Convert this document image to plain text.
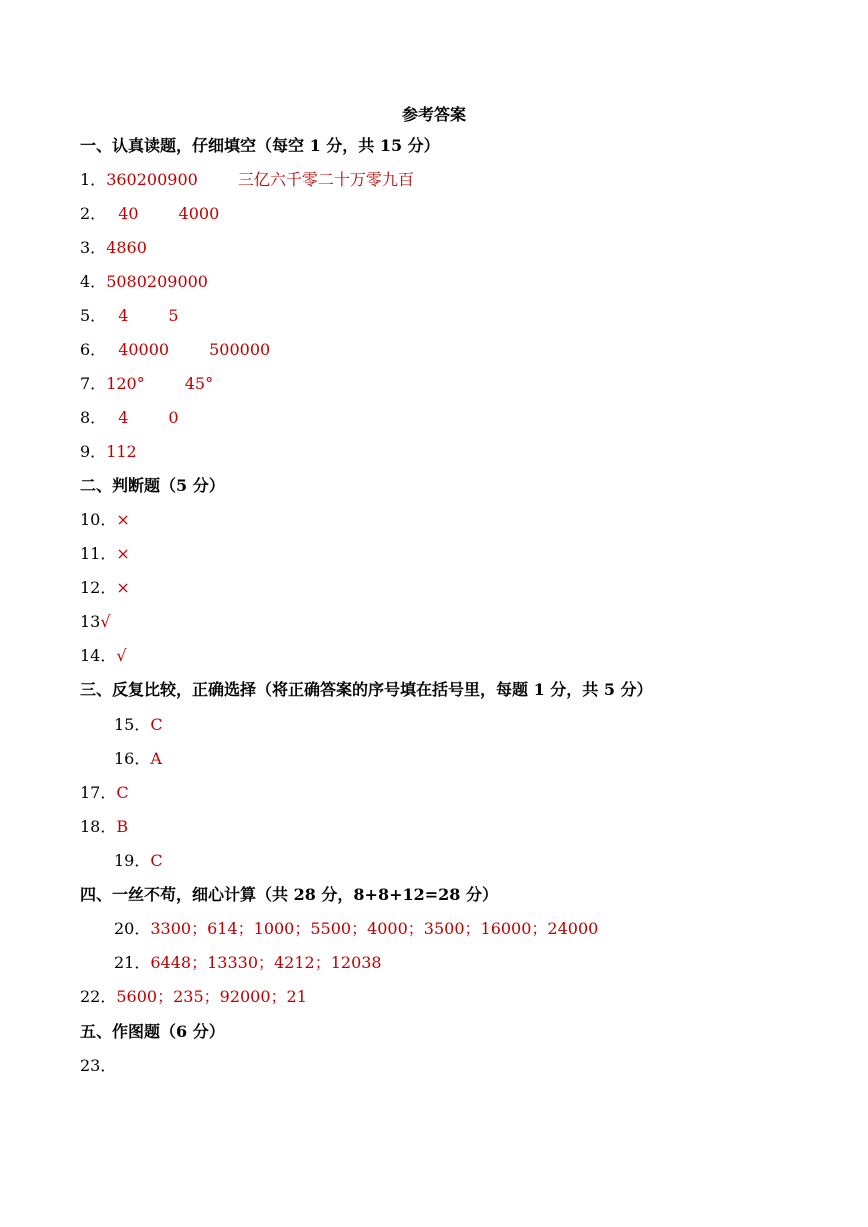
参考答案
一、认真读题，仔细填空（每空 1 分，共 15 分）
1．360200900	三亿六千零二十万零九百
2． 40	4000
3．4860
4．5080209000
5． 4	5
6． 40000	500000
7．120°	45°
8． 4	0
9．112
二、判断题（5 分）
10．×
11．×
12．×
13√
14．√
三、反复比较，正确选择（将正确答案的序号填在括号里，每题 1 分，共 5 分）
15．C
16．A
17．C
18．B
19．C
四、一丝不苟，细心计算（共 28 分，8+8+12=28 分）
20．3300；614；1000；5500；4000；3500；16000；24000
21．6448；13330；4212；12038
22．5600；235；92000；21
五、作图题（6 分）
23．
